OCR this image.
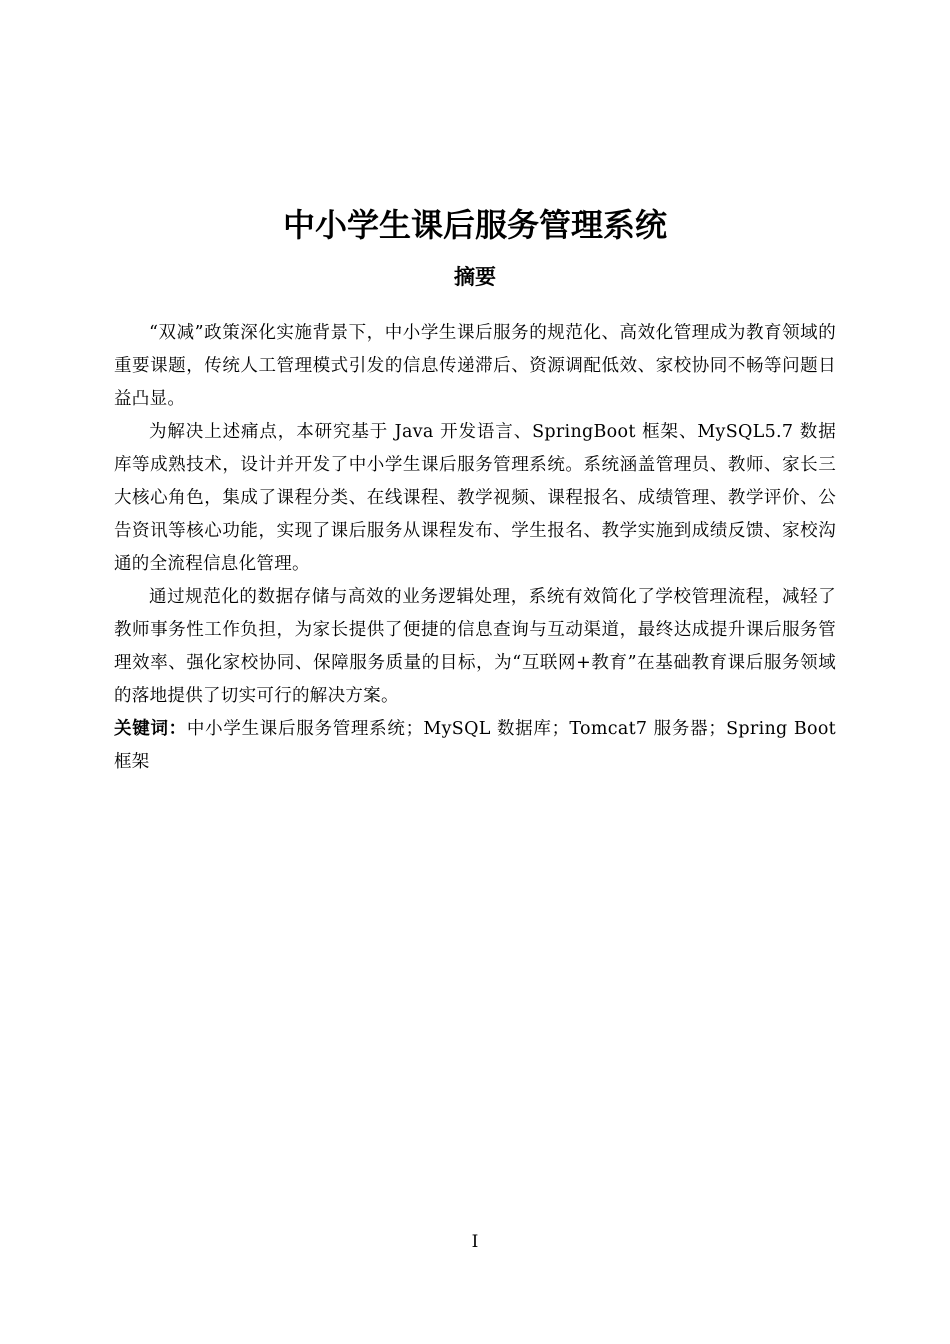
中小学生课后服务管理系统
摘要

“双减”政策深化实施背景下，中小学生课后服务的规范化、高效化管理成为教育领域的重要课题，传统人工管理模式引发的信息传递滞后、资源调配低效、家校协同不畅等问题日益凸显。

为解决上述痛点，本研究基于 Java 开发语言、SpringBoot 框架、MySQL5.7 数据库等成熟技术，设计并开发了中小学生课后服务管理系统。系统涵盖管理员、教师、家长三大核心角色，集成了课程分类、在线课程、教学视频、课程报名、成绩管理、教学评价、公告资讯等核心功能，实现了课后服务从课程发布、学生报名、教学实施到成绩反馈、家校沟通的全流程信息化管理。

通过规范化的数据存储与高效的业务逻辑处理，系统有效简化了学校管理流程，减轻了教师事务性工作负担，为家长提供了便捷的信息查询与互动渠道，最终达成提升课后服务管理效率、强化家校协同、保障服务质量的目标，为“互联网+教育”在基础教育课后服务领域的落地提供了切实可行的解决方案。

关键词：中小学生课后服务管理系统；MySQL 数据库；Tomcat7 服务器；Spring Boot 框架

I
